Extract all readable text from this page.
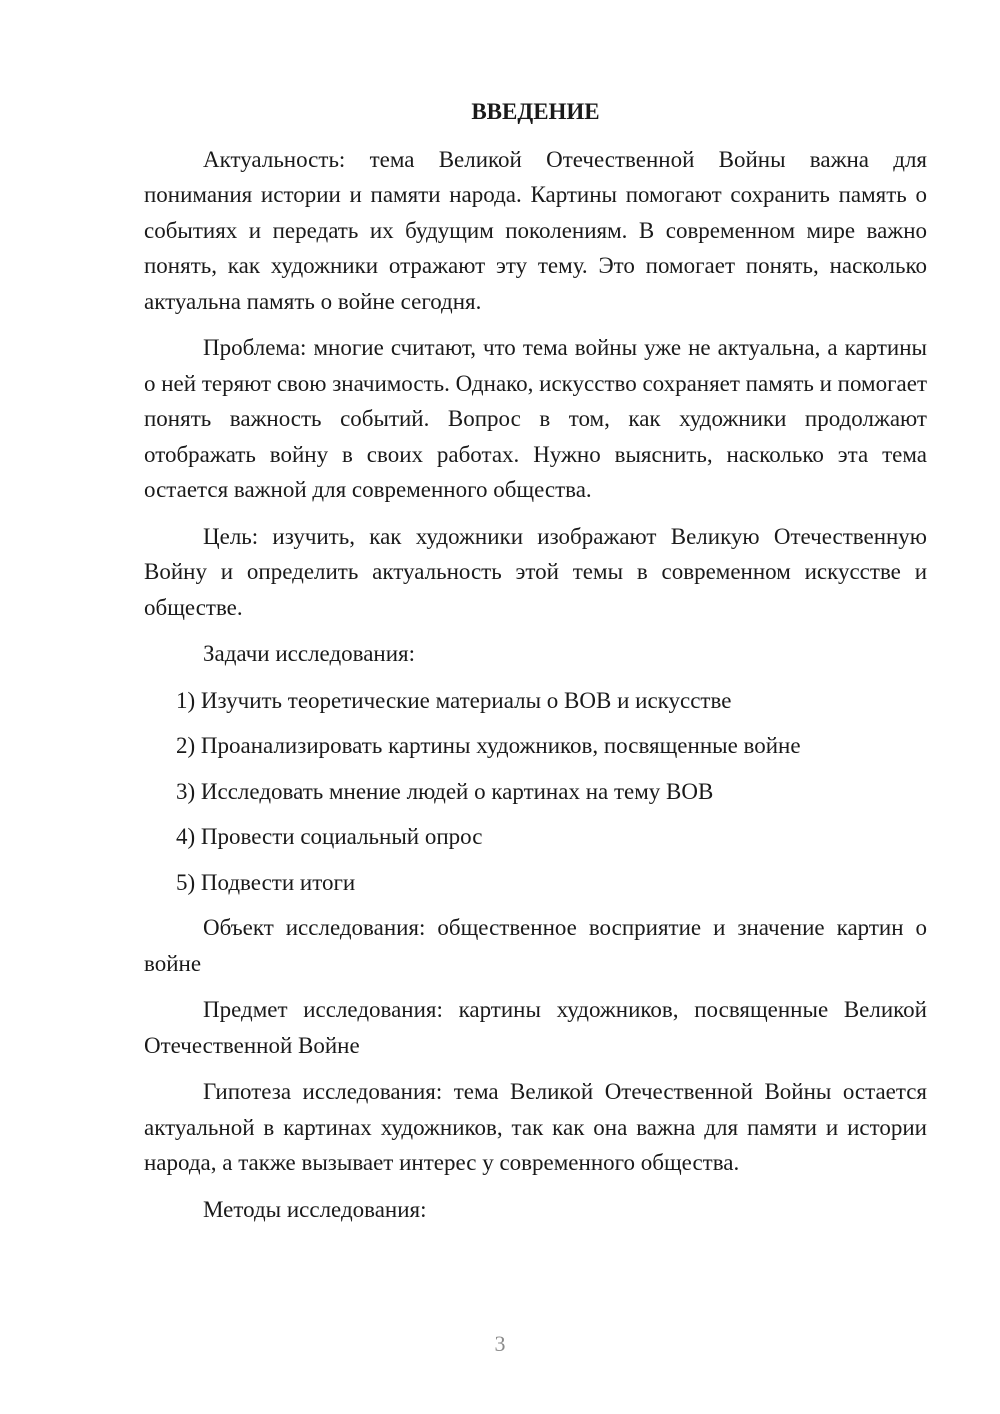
ВВЕДЕНИЕ

Актуальность: тема Великой Отечественной Войны важна для понимания истории и памяти народа. Картины помогают сохранить память о событиях и передать их будущим поколениям. В современном мире важно понять, как художники отражают эту тему. Это помогает понять, насколько актуальна память о войне сегодня.

Проблема: многие считают, что тема войны уже не актуальна, а картины о ней теряют свою значимость. Однако, искусство сохраняет память и помогает понять важность событий. Вопрос в том, как художники продолжают отображать войну в своих работах. Нужно выяснить, насколько эта тема остается важной для современного общества.

Цель: изучить, как художники изображают Великую Отечественную Войну и определить актуальность этой темы в современном искусстве и обществе.

Задачи исследования:

1) Изучить теоретические материалы о ВОВ и искусстве
2) Проанализировать картины художников, посвященные войне
3) Исследовать мнение людей о картинах на тему ВОВ
4) Провести социальный опрос
5) Подвести итоги

Объект исследования: общественное восприятие и значение картин о войне

Предмет исследования: картины художников, посвященные Великой Отечественной Войне

Гипотеза исследования: тема Великой Отечественной Войны остается актуальной в картинах художников, так как она важна для памяти и истории народа, а также вызывает интерес у современного общества.

Методы исследования:

3
